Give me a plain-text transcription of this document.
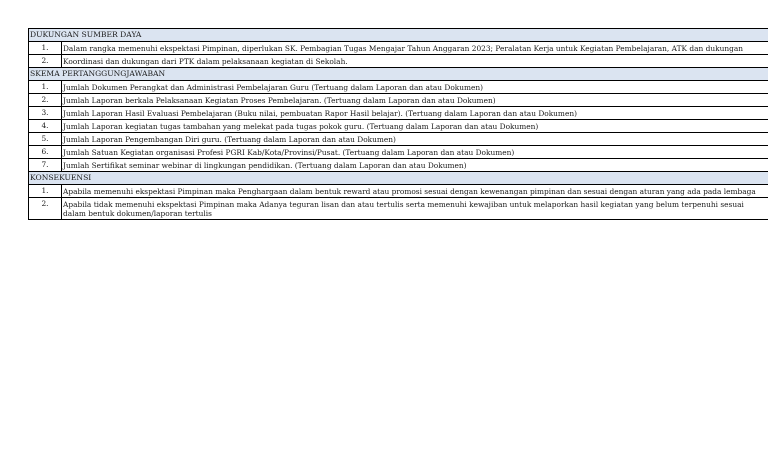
DUKUNGAN SUMBER DAYA
1.	Dalam rangka memenuhi ekspektasi Pimpinan, diperlukan SK. Pembagian Tugas Mengajar Tahun Anggaran 2023; Peralatan Kerja untuk Kegiatan Pembelajaran, ATK dan dukungan
2.	Koordinasi dan dukungan dari PTK dalam pelaksanaan kegiatan di Sekolah.
SKEMA PERTANGGUNGJAWABAN
1.	Jumlah Dokumen Perangkat dan Administrasi Pembelajaran Guru (Tertuang dalam Laporan dan atau Dokumen)
2.	Jumlah Laporan berkala Pelaksanaan Kegiatan Proses Pembelajaran. (Tertuang dalam Laporan dan atau Dokumen)
3.	Jumlah Laporan Hasil Evaluasi Pembelajaran (Buku nilai, pembuatan Rapor Hasil belajar). (Tertuang dalam Laporan dan atau Dokumen)
4.	Jumlah Laporan kegiatan tugas tambahan yang melekat pada tugas pokok guru. (Tertuang dalam Laporan dan atau Dokumen)
5.	Jumlah Laporan Pengembangan Diri guru. (Tertuang dalam Laporan dan atau Dokumen)
6.	Jumlah Satuan Kegiatan organisasi Profesi PGRI Kab/Kota/Provinsi/Pusat. (Tertuang dalam Laporan dan atau Dokumen)
7.	Jumlah Sertifikat seminar webinar di lingkungan pendidikan. (Tertuang dalam Laporan dan atau Dokumen)
KONSEKUENSI
1.	Apabila memenuhi ekspektasi Pimpinan maka Penghargaan dalam bentuk reward atau promosi sesuai dengan kewenangan pimpinan dan sesuai dengan aturan yang ada pada lembaga
2.	Apabila tidak memenuhi ekspektasi Pimpinan maka Adanya teguran lisan dan atau tertulis serta memenuhi kewajiban untuk melaporkan hasil kegiatan yang belum terpenuhi sesuai
dalam bentuk dokumen/laporan tertulis
